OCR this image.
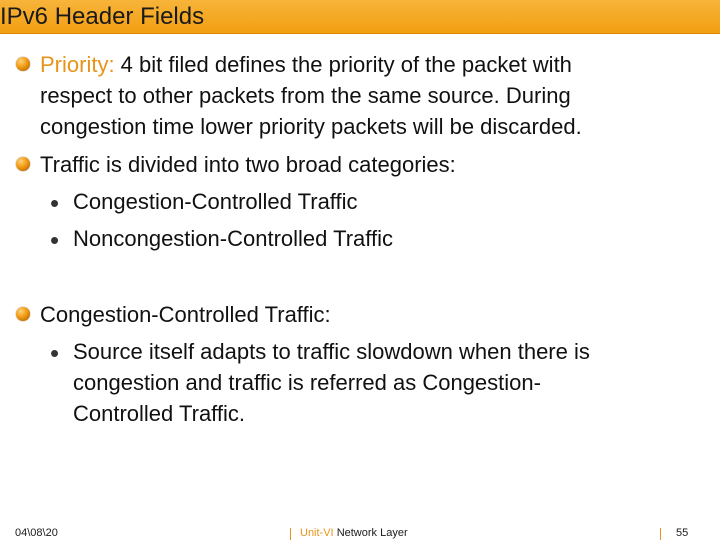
IPv6 Header Fields
Priority: 4 bit filed defines the priority of the packet with
respect to other packets from the same source. During
congestion time lower priority packets will be discarded.
Traffic is divided into two broad categories:
• Congestion-Controlled Traffic
• Noncongestion-Controlled Traffic
Congestion-Controlled Traffic:
• Source itself adapts to traffic slowdown when there is
congestion and traffic is referred as Congestion-
Controlled Traffic.
04\08\20	Unit-VI Network Layer	55
